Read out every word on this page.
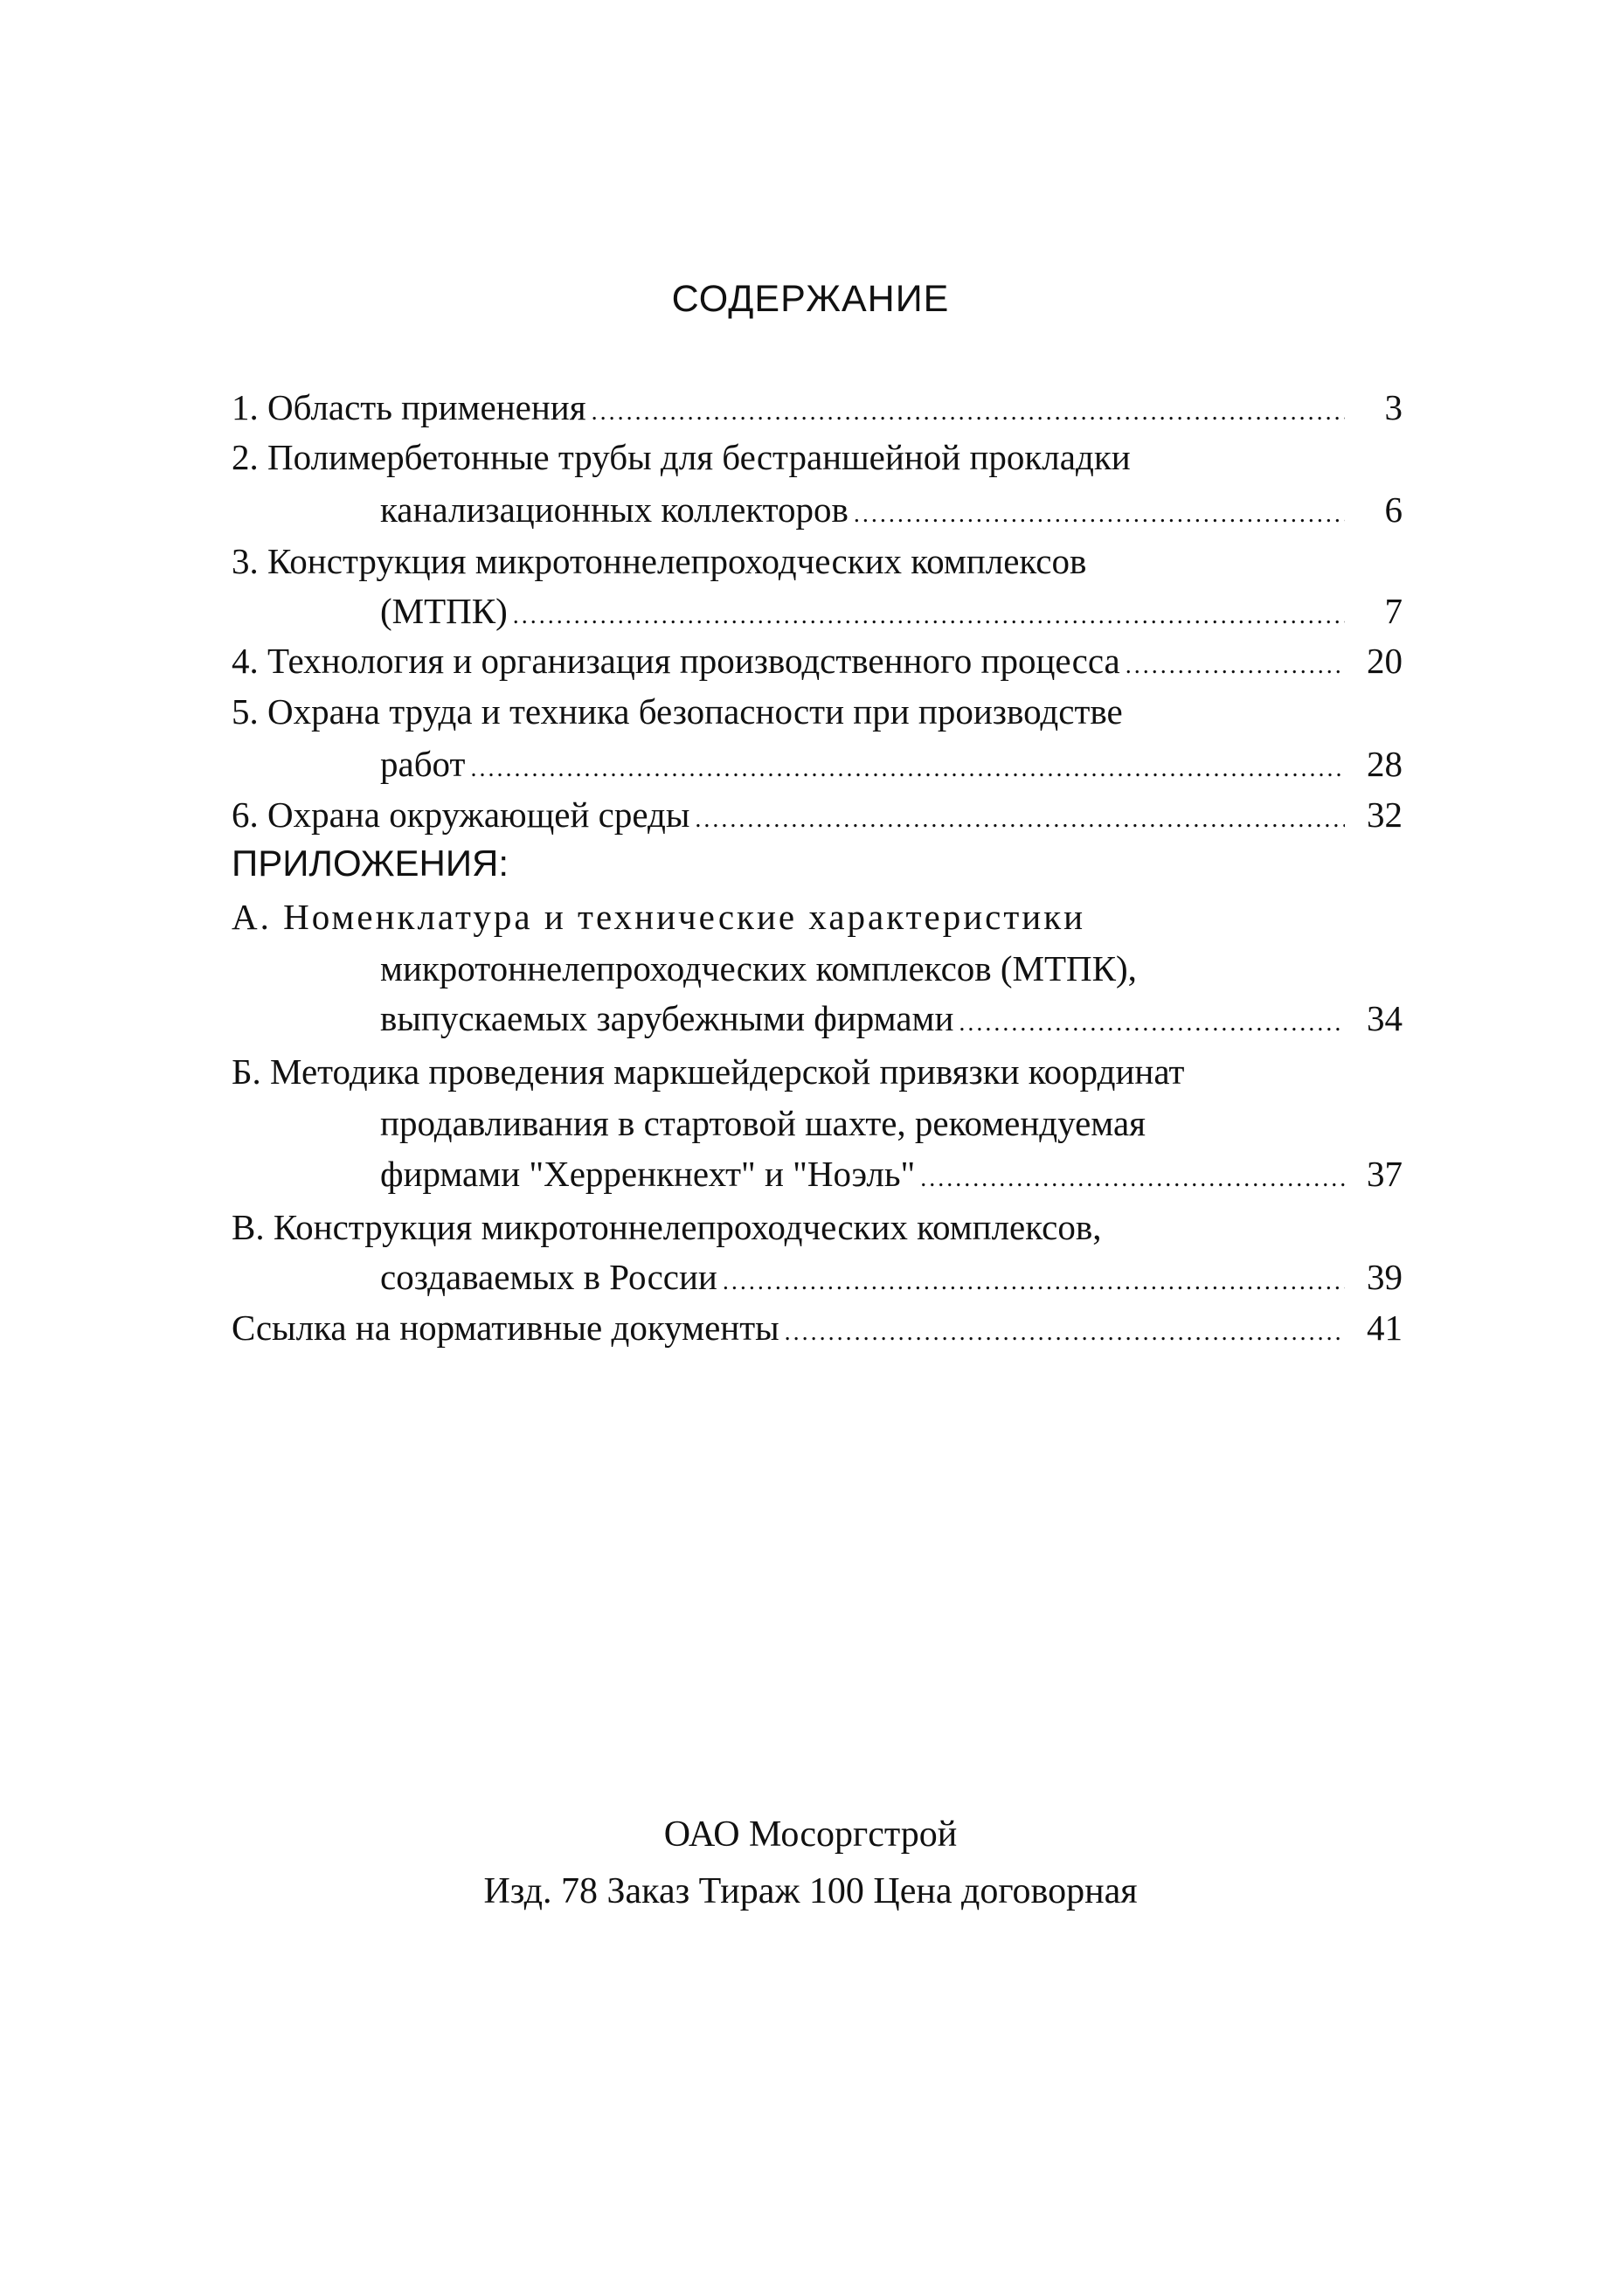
СОДЕРЖАНИЕ
1. Область применения .....	3
2. Полимербетонные трубы для бестраншейной прокладки
канализационных коллекторов .....	6
3. Конструкция микротоннелепроходческих комплексов
(МТПК) .....	7
4. Технология и организация производственного процесса .....	20
5. Охрана труда и техника безопасности при производстве
работ .....	28
6. Охрана окружающей среды .....	32
ПРИЛОЖЕНИЯ:
А. Номенклатура и технические характеристики
микротоннелепроходческих комплексов (МТПК),
выпускаемых зарубежными фирмами .....	34
Б. Методика проведения маркшейдерской привязки координат
продавливания в стартовой шахте, рекомендуемая
фирмами "Херренкнехт" и "Ноэль" .....	37
В. Конструкция микротоннелепроходческих комплексов,
создаваемых в России .....	39
Ссылка на нормативные документы .....	41
ОАО Мосоргстрой
Изд. 78 Заказ Тираж 100 Цена договорная
